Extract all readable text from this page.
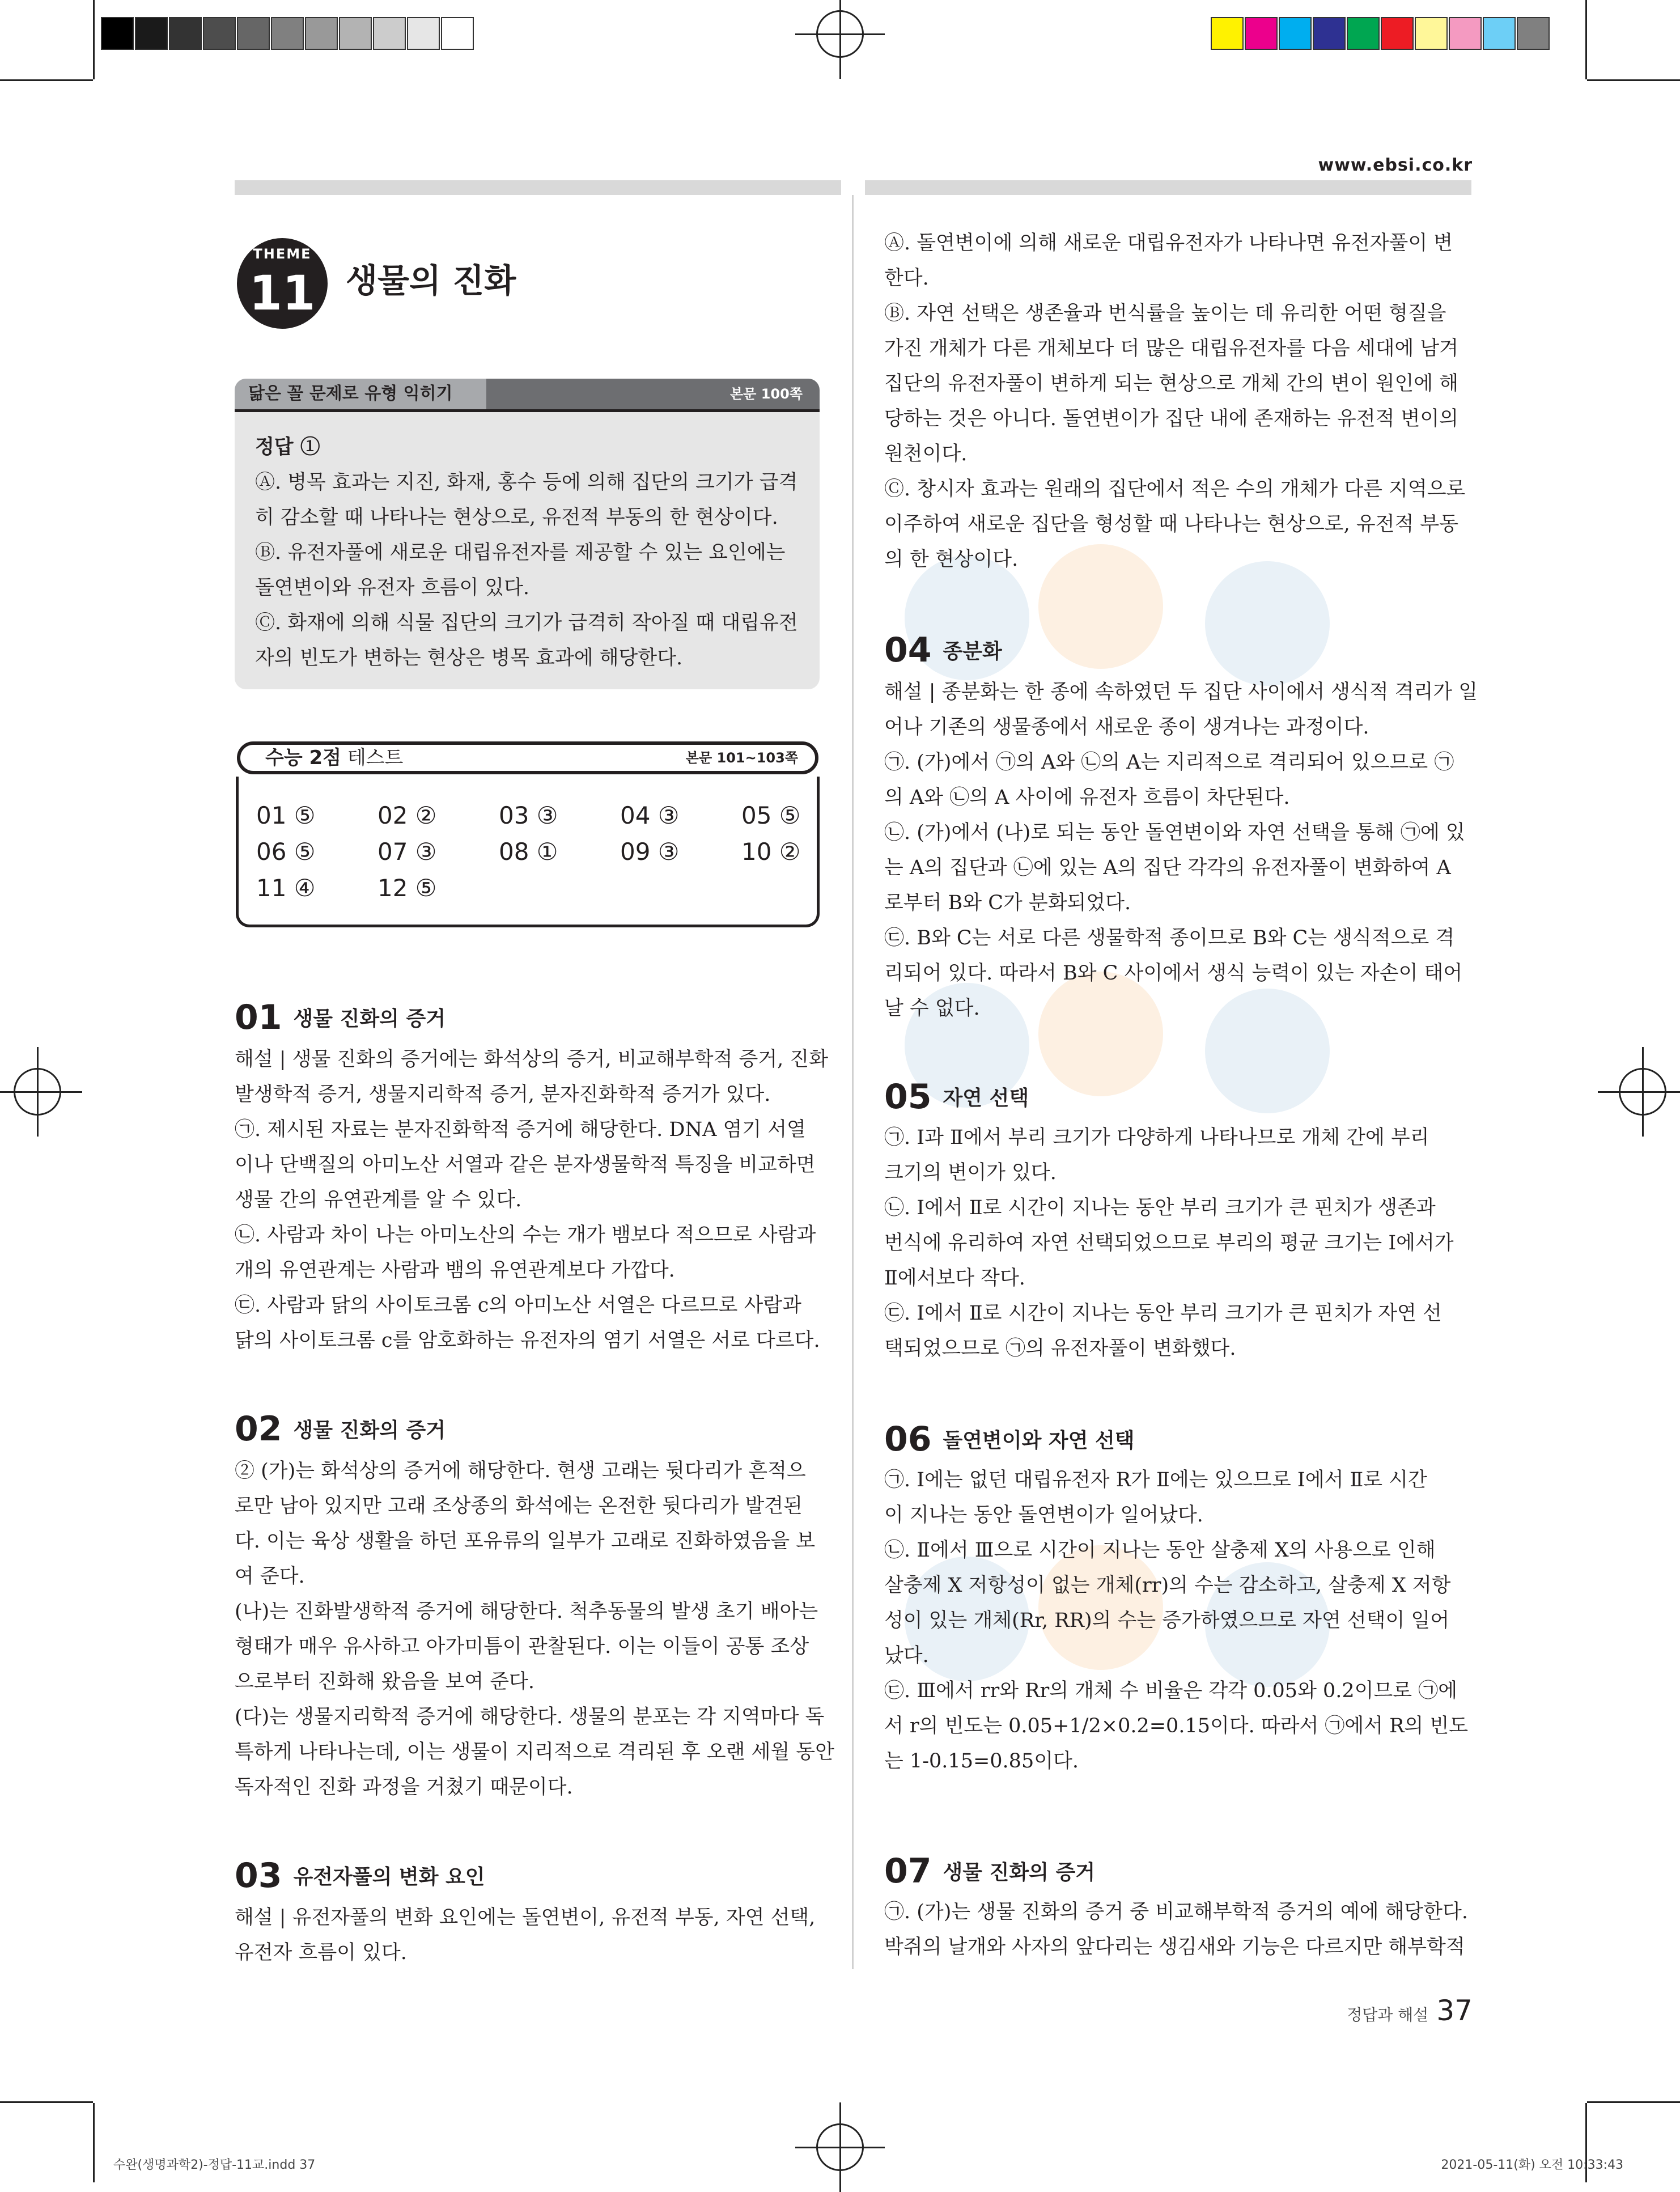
www.ebsi.co.kr
THEME
11 생물의 진화
닮은 꼴 문제로 유형 익히기	본문 100쪽

정답 ①

Ⓐ. 병목 효과는 지진, 화재, 홍수 등에 의해 집단의 크기가 급격

히 감소할 때 나타나는 현상으로, 유전적 부동의 한 현상이다.

Ⓑ. 유전자풀에 새로운 대립유전자를 제공할 수 있는 요인에는

돌연변이와 유전자 흐름이 있다.

Ⓒ. 화재에 의해 식물 집단의 크기가 급격히 작아질 때 대립유전

자의 빈도가 변하는 현상은 병목 효과에 해당한다.

수능 2점 테스트	본문 101~103쪽
01 ⑤	02 ②	03 ③	04 ③	05 ⑤
06 ⑤	07 ③	08 ①	09 ③	10 ②
11 ④	12 ⑤
01 생물 진화의 증거

해설 | 생물 진화의 증거에는 화석상의 증거, 비교해부학적 증거, 진화

발생학적 증거, 생물지리학적 증거, 분자진화학적 증거가 있다.

㉠. 제시된 자료는 분자진화학적 증거에 해당한다. DNA 염기 서열

이나 단백질의 아미노산 서열과 같은 분자생물학적 특징을 비교하면

생물 간의 유연관계를 알 수 있다.

㉡. 사람과 차이 나는 아미노산의 수는 개가 뱀보다 적으므로 사람과

개의 유연관계는 사람과 뱀의 유연관계보다 가깝다.

㉢. 사람과 닭의 사이토크롬 c의 아미노산 서열은 다르므로 사람과

닭의 사이토크롬 c를 암호화하는 유전자의 염기 서열은 서로 다르다.

02 생물 진화의 증거

② (가)는 화석상의 증거에 해당한다. 현생 고래는 뒷다리가 흔적으

로만 남아 있지만 고래 조상종의 화석에는 온전한 뒷다리가 발견된

다. 이는 육상 생활을 하던 포유류의 일부가 고래로 진화하였음을 보

여 준다.

(나)는 진화발생학적 증거에 해당한다. 척추동물의 발생 초기 배아는

형태가 매우 유사하고 아가미틈이 관찰된다. 이는 이들이 공통 조상

으로부터 진화해 왔음을 보여 준다.

(다)는 생물지리학적 증거에 해당한다. 생물의 분포는 각 지역마다 독

특하게 나타나는데, 이는 생물이 지리적으로 격리된 후 오랜 세월 동안

독자적인 진화 과정을 거쳤기 때문이다.

03 유전자풀의 변화 요인

해설 | 유전자풀의 변화 요인에는 돌연변이, 유전적 부동, 자연 선택,

유전자 흐름이 있다.

Ⓐ. 돌연변이에 의해 새로운 대립유전자가 나타나면 유전자풀이 변

한다.

Ⓑ. 자연 선택은 생존율과 번식률을 높이는 데 유리한 어떤 형질을

가진 개체가 다른 개체보다 더 많은 대립유전자를 다음 세대에 남겨

집단의 유전자풀이 변하게 되는 현상으로 개체 간의 변이 원인에 해

당하는 것은 아니다. 돌연변이가 집단 내에 존재하는 유전적 변이의

원천이다.

Ⓒ. 창시자 효과는 원래의 집단에서 적은 수의 개체가 다른 지역으로

이주하여 새로운 집단을 형성할 때 나타나는 현상으로, 유전적 부동

의 한 현상이다.

04 종분화

해설 | 종분화는 한 종에 속하였던 두 집단 사이에서 생식적 격리가 일

어나 기존의 생물종에서 새로운 종이 생겨나는 과정이다.

㉠. (가)에서 ㉠의 A와 ㉡의 A는 지리적으로 격리되어 있으므로 ㉠

의 A와 ㉡의 A 사이에 유전자 흐름이 차단된다.

㉡. (가)에서 (나)로 되는 동안 돌연변이와 자연 선택을 통해 ㉠에 있

는 A의 집단과 ㉡에 있는 A의 집단 각각의 유전자풀이 변화하여 A

로부터 B와 C가 분화되었다.

㉢. B와 C는 서로 다른 생물학적 종이므로 B와 C는 생식적으로 격

리되어 있다. 따라서 B와 C 사이에서 생식 능력이 있는 자손이 태어

날 수 없다.

05 자연 선택

㉠. Ⅰ과 Ⅱ에서 부리 크기가 다양하게 나타나므로 개체 간에 부리

크기의 변이가 있다.

㉡. Ⅰ에서 Ⅱ로 시간이 지나는 동안 부리 크기가 큰 핀치가 생존과

번식에 유리하여 자연 선택되었으므로 부리의 평균 크기는 Ⅰ에서가

Ⅱ에서보다 작다.

㉢. Ⅰ에서 Ⅱ로 시간이 지나는 동안 부리 크기가 큰 핀치가 자연 선

택되었으므로 ㉠의 유전자풀이 변화했다.

06 돌연변이와 자연 선택

㉠. Ⅰ에는 없던 대립유전자 R가 Ⅱ에는 있으므로 Ⅰ에서 Ⅱ로 시간

이 지나는 동안 돌연변이가 일어났다.

㉡. Ⅱ에서 Ⅲ으로 시간이 지나는 동안 살충제 X의 사용으로 인해

살충제 X 저항성이 없는 개체(rr)의 수는 감소하고, 살충제 X 저항

성이 있는 개체(Rr, RR)의 수는 증가하였으므로 자연 선택이 일어

났다.

㉢. Ⅲ에서 rr와 Rr의 개체 수 비율은 각각 0.05와 0.2이므로 ㉠에

서 r의 빈도는 0.05+1/2×0.2=0.15이다. 따라서 ㉠에서 R의 빈도

는 1-0.15=0.85이다.

07 생물 진화의 증거

㉠. (가)는 생물 진화의 증거 중 비교해부학적 증거의 예에 해당한다.

박쥐의 날개와 사자의 앞다리는 생김새와 기능은 다르지만 해부학적

정답과 해설 37
수완(생명과학2)-정답-11교.indd 37	2021-05-11(화) 오전 10:33:43
